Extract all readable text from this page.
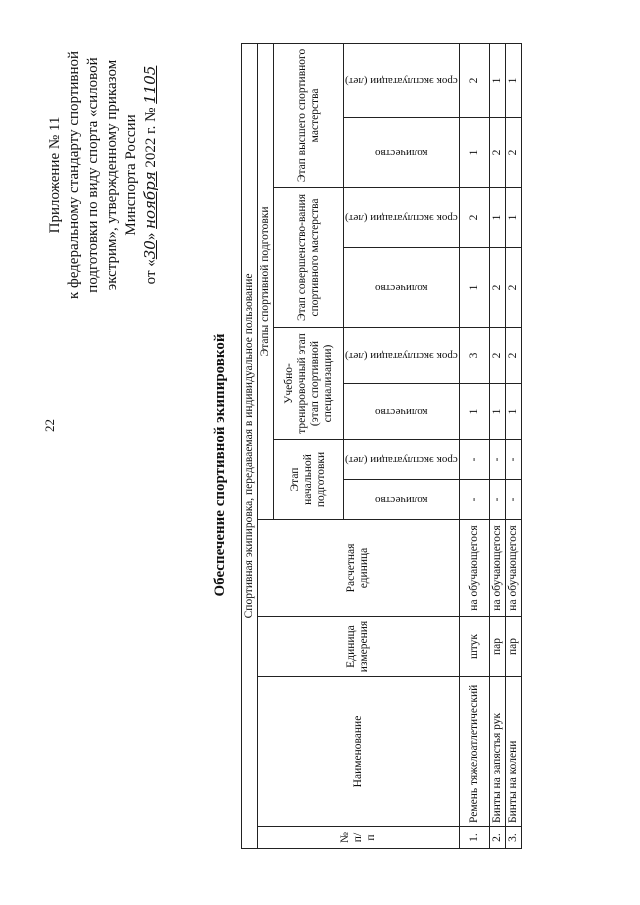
22
Приложение № 11 к федеральному стандарту спортивной подготовки по виду спорта «силовой экстрим», утвержденному приказом Минспорта России
от «30» ноября 2022 г. № 1105
Обеспечение спортивной экипировкой Спортивная экипировка, передаваемая в индивидуальное пользование											
№ п/п	Наименование	Единица измерения	Расчетная единица	Этапы спортивной подготовки							
				Этап начальной подготовки		Учебно-тренировочный этап (этап спортивной специализации)		Этап совершенство-вания спортивного мастерства		Этап высшего спортивного мастерства	

				количество	срок эксплуатации (лет)	количество	срок эксплуатации (лет)	количество	срок эксплуатации (лет)	количество	срок эксплуатации (лет)

1.	Ремень тяжелоатлетический	штук	на обучающегося	-	-	1	3	1	2	1	2
2.	Бинты на запястья рук	пар	на обучающегося	-	-	1	2	2	1	2	1
3.	Бинты на колени	пар	на обучающегося	-	-	1	2	2	1	2	1
